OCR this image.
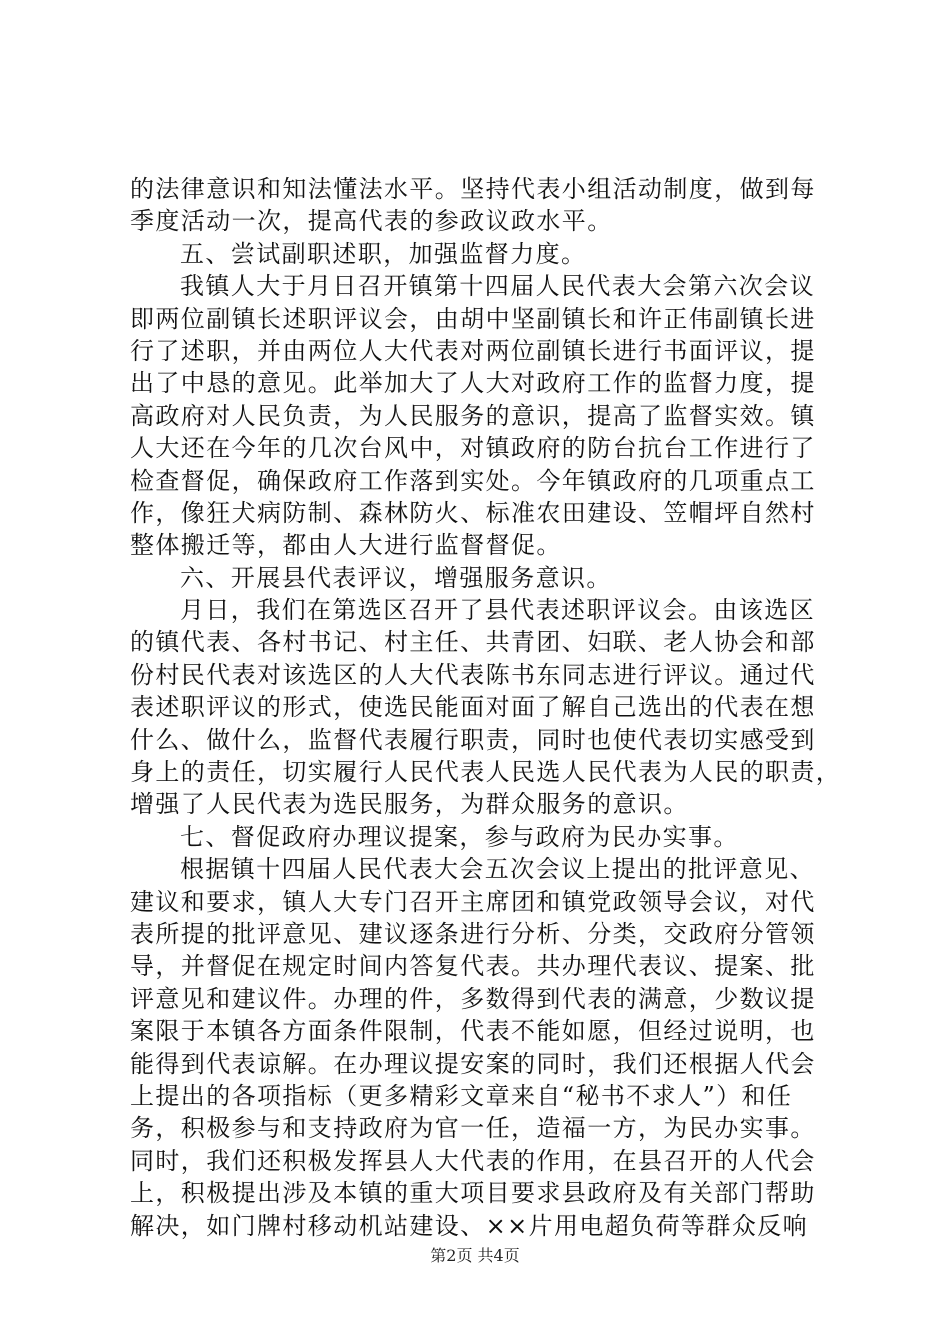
的法律意识和知法懂法水平。坚持代表小组活动制度，做到每
季度活动一次，提高代表的参政议政水平。
五、尝试副职述职，加强监督力度。
我镇人大于月日召开镇第十四届人民代表大会第六次会议
即两位副镇长述职评议会，由胡中坚副镇长和许正伟副镇长进
行了述职，并由两位人大代表对两位副镇长进行书面评议，提
出了中恳的意见。此举加大了人大对政府工作的监督力度，提
高政府对人民负责，为人民服务的意识，提高了监督实效。镇
人大还在今年的几次台风中，对镇政府的防台抗台工作进行了
检查督促，确保政府工作落到实处。今年镇政府的几项重点工
作，像狂犬病防制、森林防火、标准农田建设、笠帽坪自然村
整体搬迁等，都由人大进行监督督促。
六、开展县代表评议，增强服务意识。
月日，我们在第选区召开了县代表述职评议会。由该选区
的镇代表、各村书记、村主任、共青团、妇联、老人协会和部
份村民代表对该选区的人大代表陈书东同志进行评议。通过代
表述职评议的形式，使选民能面对面了解自己选出的代表在想
什么、做什么，监督代表履行职责，同时也使代表切实感受到
身上的责任，切实履行人民代表人民选人民代表为人民的职责，
增强了人民代表为选民服务，为群众服务的意识。
七、督促政府办理议提案，参与政府为民办实事。
根据镇十四届人民代表大会五次会议上提出的批评意见、
建议和要求，镇人大专门召开主席团和镇党政领导会议，对代
表所提的批评意见、建议逐条进行分析、分类，交政府分管领
导，并督促在规定时间内答复代表。共办理代表议、提案、批
评意见和建议件。办理的件，多数得到代表的满意，少数议提
案限于本镇各方面条件限制，代表不能如愿，但经过说明，也
能得到代表谅解。在办理议提安案的同时，我们还根据人代会
上提出的各项指标（更多精彩文章来自“秘书不求人”）和任
务，积极参与和支持政府为官一任，造福一方，为民办实事。
同时，我们还积极发挥县人大代表的作用，在县召开的人代会
上，积极提出涉及本镇的重大项目要求县政府及有关部门帮助
解决，如门牌村移动机站建设、××片用电超负荷等群众反响
第2页 共4页
